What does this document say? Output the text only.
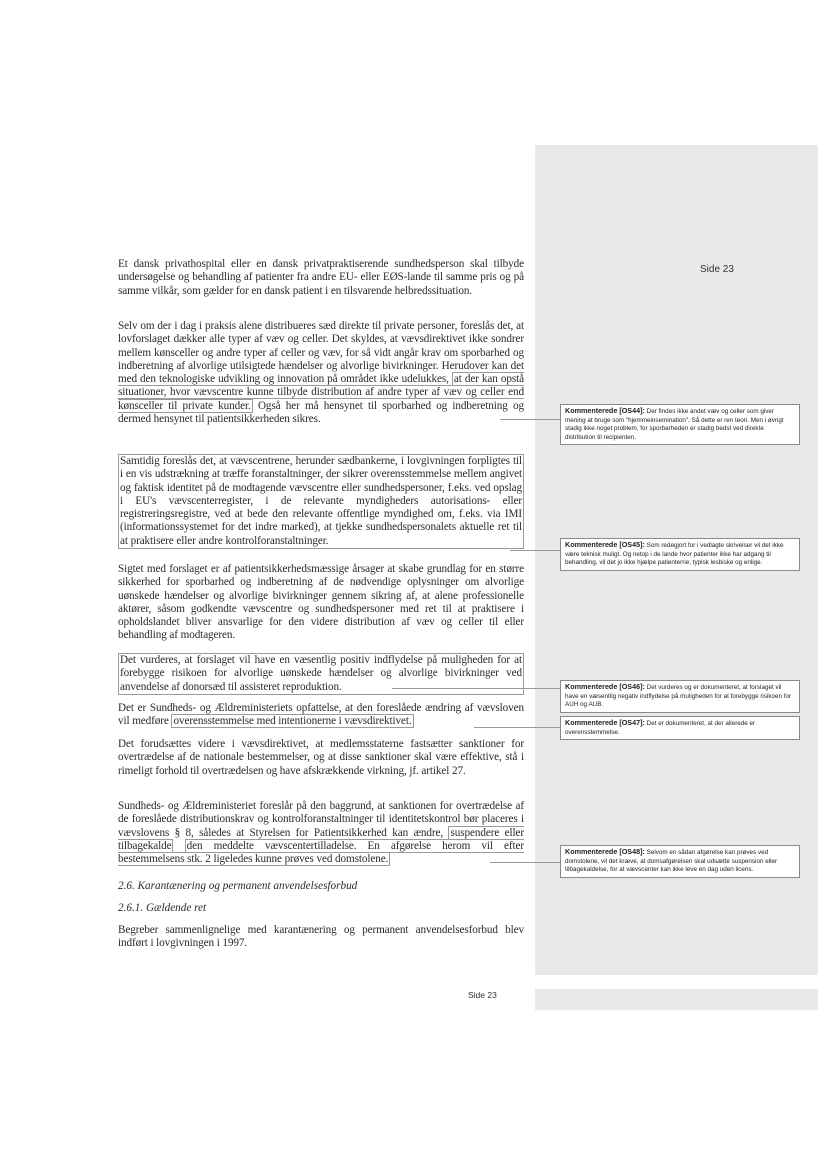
Side 23

Et dansk privathospital eller en dansk privatpraktiserende sundhedsperson skal tilbyde undersøgelse og behandling af patienter fra andre EU- eller EØS-lande til samme pris og på samme vilkår, som gælder for en dansk patient i en tilsvarende helbredssituation.

Selv om der i dag i praksis alene distribueres sæd direkte til private personer, foreslås det, at lovforslaget dækker alle typer af væv og celler. Det skyldes, at vævsdirektivet ikke sondrer mellem kønsceller og andre typer af celler og væv, for så vidt angår krav om sporbarhed og indberetning af alvorlige utilsigtede hændelser og alvorlige bivirkninger. Herudover kan det med den teknologiske udvikling og innovation på området ikke udelukkes, at der kan opstå situationer, hvor vævscentre kunne tilbyde distribution af andre typer af væv og celler end kønsceller til private kunder. Også her må hensynet til sporbarhed og indberetning og dermed hensynet til patientsikkerheden sikres.

Samtidig foreslås det, at vævscentrene, herunder sædbankerne, i lovgivningen forpligtes til i en vis udstrækning at træffe foranstaltninger, der sikrer overensstemmelse mellem angivet og faktisk identitet på de modtagende vævscentre eller sundhedspersoner, f.eks. ved opslag i EU's vævscenterregister, i de relevante myndigheders autorisations- eller registreringsregistre, ved at bede den relevante offentlige myndighed om, f.eks. via IMI (informationssystemet for det indre marked), at tjekke sundhedspersonalets aktuelle ret til at praktisere eller andre kontrolforanstaltninger.

Sigtet med forslaget er af patientsikkerhedsmæssige årsager at skabe grundlag for en større sikkerhed for sporbarhed og indberetning af de nødvendige oplysninger om alvorlige uønskede hændelser og alvorlige bivirkninger gennem sikring af, at alene professionelle aktører, såsom godkendte vævscentre og sundhedspersoner med ret til at praktisere i opholdslandet bliver ansvarlige for den videre distribution af væv og celler til eller behandling af modtageren.

Det vurderes, at forslaget vil have en væsentlig positiv indflydelse på muligheden for at forebygge risikoen for alvorlige uønskede hændelser og alvorlige bivirkninger ved anvendelse af donorsæd til assisteret reproduktion.

Det er Sundheds- og Ældreministeriets opfattelse, at den foreslåede ændring af vævsloven vil medføre overensstemmelse med intentionerne i vævsdirektivet.

Det forudsættes videre i vævsdirektivet, at medlemsstaterne fastsætter sanktioner for overtrædelse af de nationale bestemmelser, og at disse sanktioner skal være effektive, stå i rimeligt forhold til overtrædelsen og have afskrækkende virkning, jf. artikel 27.

Sundheds- og Ældreministeriet foreslår på den baggrund, at sanktionen for overtrædelse af de foreslåede distributionskrav og kontrolforanstaltninger til identitetskontrol bør placeres i vævslovens § 8, således at Styrelsen for Patientsikkerhed kan ændre, suspendere eller tilbagekalde den meddelte vævscentertilladelse. En afgørelse herom vil efter bestemmelsens stk. 2 ligeledes kunne prøves ved domstolene.

2.6. Karantænering og permanent anvendelsesforbud

2.6.1. Gældende ret

Begreber sammenlignelige med karantænering og permanent anvendelsesforbud blev indført i lovgivningen i 1997.

Side 23
Kommenterede [OS44]: Der findes ikke andet væv og celler som giver mening at bruge som "hjemmeinsemination". Så dette er ren teori. Men i øvrigt stadig ikke noget problem, for sporbarheden er stadig bedst ved direkte distribution til recipienten.
Kommenterede [OS45]: Som redegjort for i vedlagte skrivelser vil det ikke være teknisk muligt. Og netop i de lande hvor patienter ikke har adgang til behandling, vil det jo ikke hjælpe patienterne, typisk lesbiske og enlige.
Kommenterede [OS46]: Det vurderes og er dokumenteret, at forslaget vil have en væsentlig negativ indflydelse på muligheden for at forebygge risikoen for AUH og AUB.
Kommenterede [OS47]: Det er dokumenteret, at der allerede er overensstemmelse.
Kommenterede [OS48]: Selvom en sådan afgørelse kan prøves ved domstolene, vil det kræve, at domsafgørelsen skal udsætte suspension eller tilbagekaldelse, for at vævscenter kan ikke leve en dag uden licens.
